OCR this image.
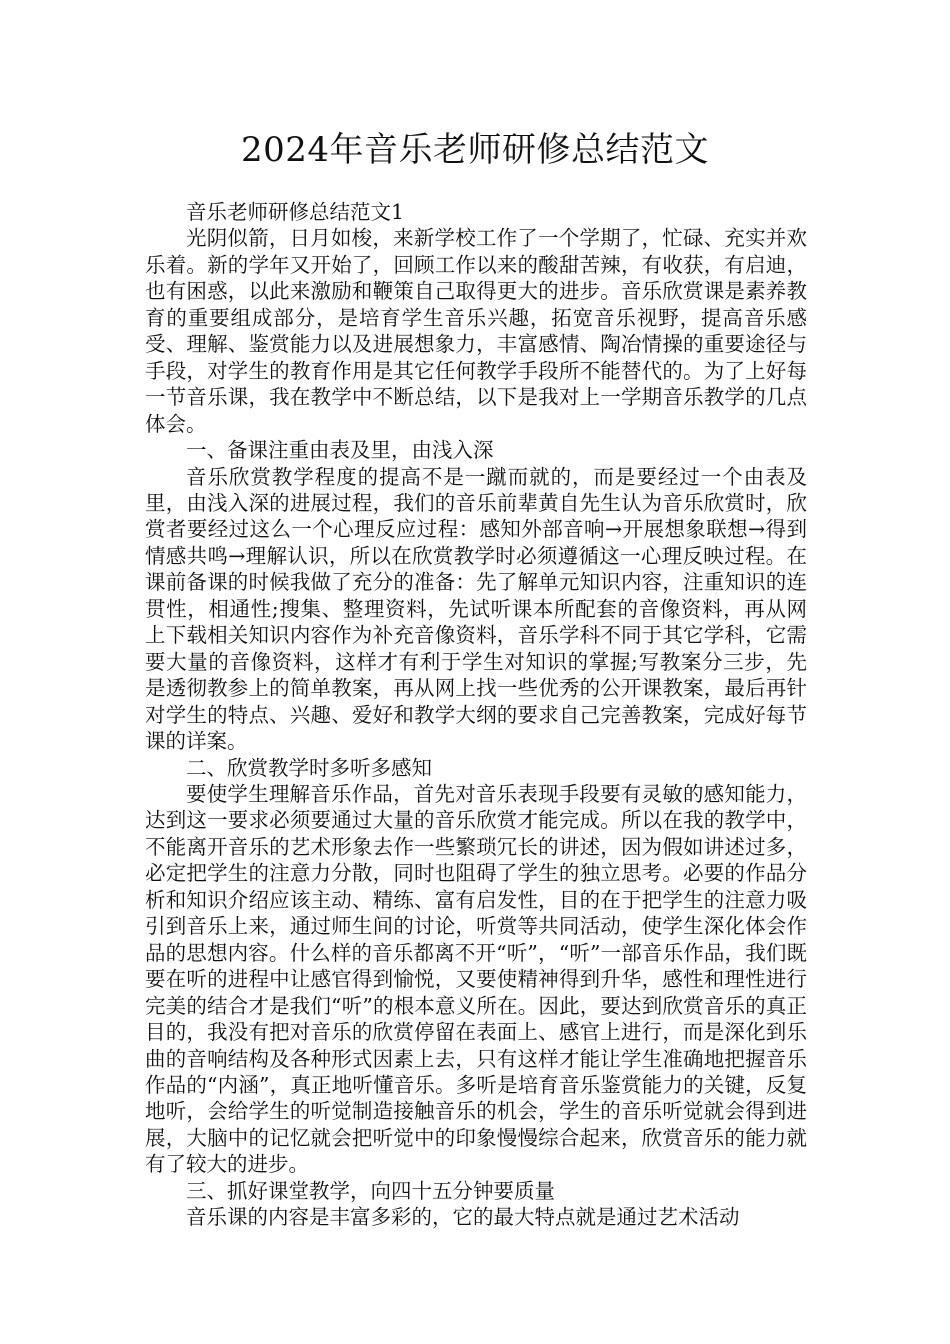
2024年音乐老师研修总结范文

音乐老师研修总结范文1

光阴似箭，日月如梭，来新学校工作了一个学期了，忙碌、充实并欢乐着。新的学年又开始了，回顾工作以来的酸甜苦辣，有收获，有启迪，也有困惑，以此来激励和鞭策自己取得更大的进步。音乐欣赏课是素养教育的重要组成部分，是培育学生音乐兴趣，拓宽音乐视野，提高音乐感受、理解、鉴赏能力以及进展想象力，丰富感情、陶冶情操的重要途径与手段，对学生的教育作用是其它任何教学手段所不能替代的。为了上好每一节音乐课，我在教学中不断总结，以下是我对上一学期音乐教学的几点体会。

一、备课注重由表及里，由浅入深

音乐欣赏教学程度的提高不是一蹴而就的，而是要经过一个由表及里，由浅入深的进展过程，我们的音乐前辈黄自先生认为音乐欣赏时，欣赏者要经过这么一个心理反应过程：感知外部音响→开展想象联想→得到情感共鸣→理解认识，所以在欣赏教学时必须遵循这一心理反映过程。在课前备课的时候我做了充分的准备：先了解单元知识内容，注重知识的连贯性，相通性;搜集、整理资料，先试听课本所配套的音像资料，再从网上下载相关知识内容作为补充音像资料，音乐学科不同于其它学科，它需要大量的音像资料，这样才有利于学生对知识的掌握;写教案分三步，先是透彻教参上的简单教案，再从网上找一些优秀的公开课教案，最后再针对学生的特点、兴趣、爱好和教学大纲的要求自己完善教案，完成好每节课的详案。

二、欣赏教学时多听多感知

要使学生理解音乐作品，首先对音乐表现手段要有灵敏的感知能力，达到这一要求必须要通过大量的音乐欣赏才能完成。所以在我的教学中，不能离开音乐的艺术形象去作一些繁琐冗长的讲述，因为假如讲述过多，必定把学生的注意力分散，同时也阻碍了学生的独立思考。必要的作品分析和知识介绍应该主动、精练、富有启发性，目的在于把学生的注意力吸引到音乐上来，通过师生间的讨论，听赏等共同活动，使学生深化体会作品的思想内容。什么样的音乐都离不开“听”，“听”一部音乐作品，我们既要在听的进程中让感官得到愉悦，又要使精神得到升华，感性和理性进行完美的结合才是我们“听”的根本意义所在。因此，要达到欣赏音乐的真正目的，我没有把对音乐的欣赏停留在表面上、感官上进行，而是深化到乐曲的音响结构及各种形式因素上去，只有这样才能让学生准确地把握音乐作品的“内涵”，真正地听懂音乐。多听是培育音乐鉴赏能力的关键，反复地听，会给学生的听觉制造接触音乐的机会，学生的音乐听觉就会得到进展，大脑中的记忆就会把听觉中的印象慢慢综合起来，欣赏音乐的能力就有了较大的进步。

三、抓好课堂教学，向四十五分钟要质量

音乐课的内容是丰富多彩的，它的最大特点就是通过艺术活动
